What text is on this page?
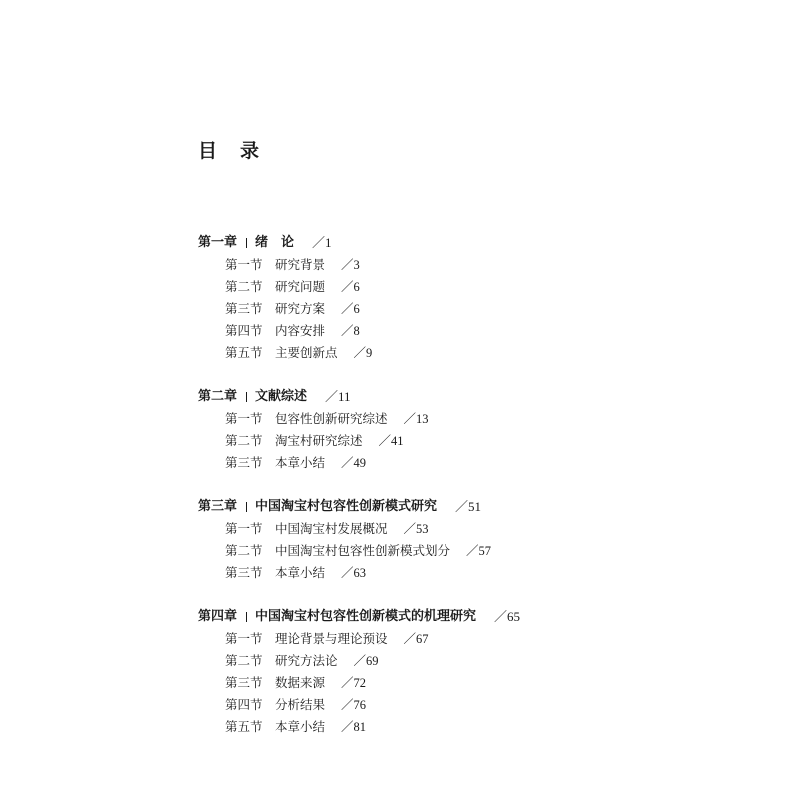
目　录
第一章 绪　论 ／1
第一节 研究背景 ／3
第二节 研究问题 ／6
第三节 研究方案 ／6
第四节 内容安排 ／8
第五节 主要创新点 ／9
第二章 文献综述 ／11
第一节 包容性创新研究综述 ／13
第二节 淘宝村研究综述 ／41
第三节 本章小结 ／49
第三章 中国淘宝村包容性创新模式研究 ／51
第一节 中国淘宝村发展概况 ／53
第二节 中国淘宝村包容性创新模式划分 ／57
第三节 本章小结 ／63
第四章 中国淘宝村包容性创新模式的机理研究 ／65
第一节 理论背景与理论预设 ／67
第二节 研究方法论 ／69
第三节 数据来源 ／72
第四节 分析结果 ／76
第五节 本章小结 ／81
